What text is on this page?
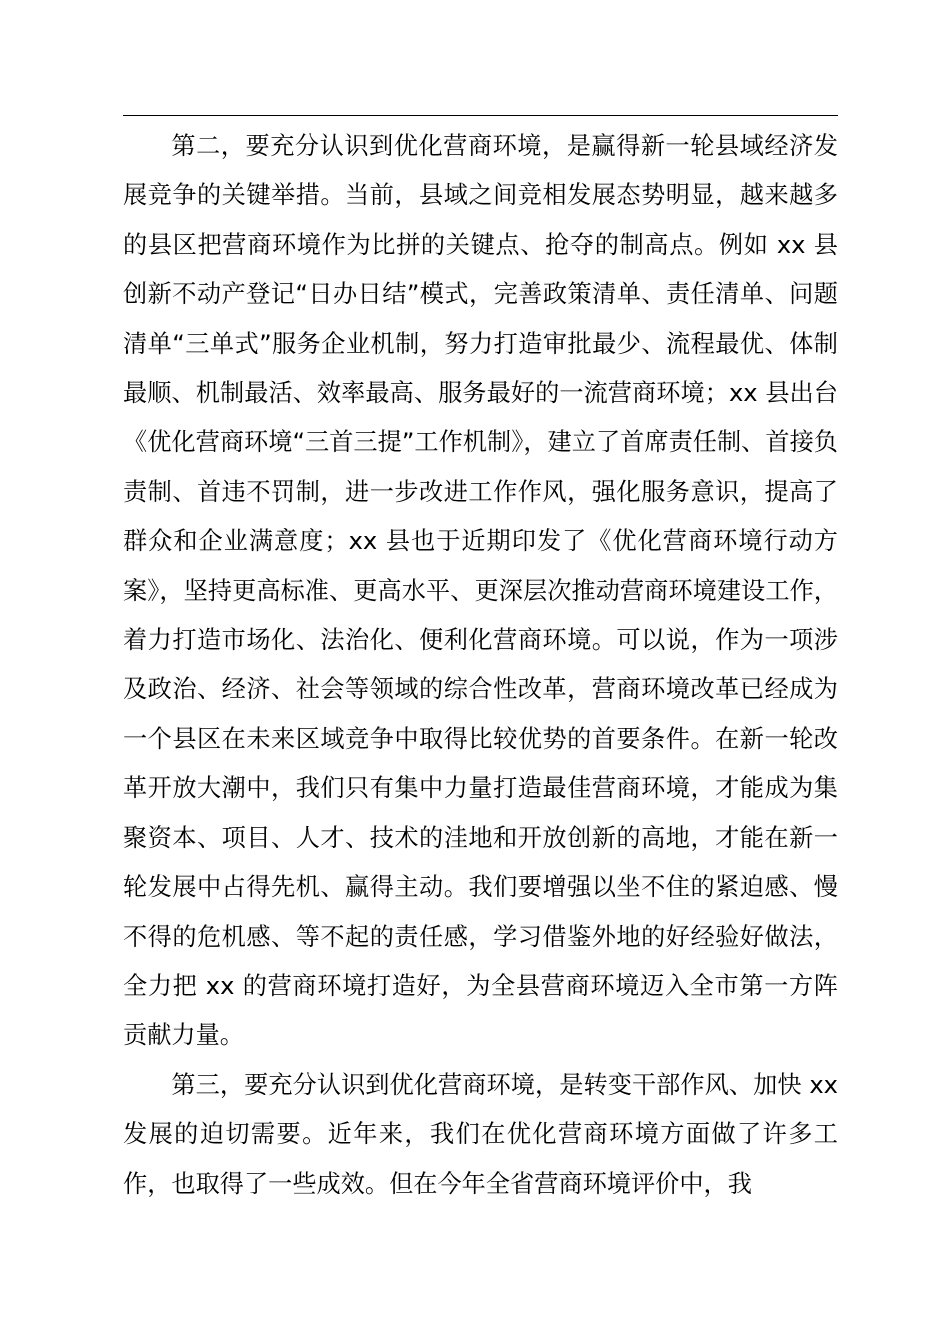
第二，要充分认识到优化营商环境，是赢得新一轮县域经济发展竞争的关键举措。当前，县域之间竞相发展态势明显，越来越多的县区把营商环境作为比拼的关键点、抢夺的制高点。例如 xx 县创新不动产登记“日办日结”模式，完善政策清单、责任清单、问题清单“三单式”服务企业机制，努力打造审批最少、流程最优、体制最顺、机制最活、效率最高、服务最好的一流营商环境；xx 县出台《优化营商环境“三首三提”工作机制》，建立了首席责任制、首接负责制、首违不罚制，进一步改进工作作风，强化服务意识，提高了群众和企业满意度；xx 县也于近期印发了《优化营商环境行动方案》，坚持更高标准、更高水平、更深层次推动营商环境建设工作，着力打造市场化、法治化、便利化营商环境。可以说，作为一项涉及政治、经济、社会等领域的综合性改革，营商环境改革已经成为一个县区在未来区域竞争中取得比较优势的首要条件。在新一轮改革开放大潮中，我们只有集中力量打造最佳营商环境，才能成为集聚资本、项目、人才、技术的洼地和开放创新的高地，才能在新一轮发展中占得先机、赢得主动。我们要增强以坐不住的紧迫感、慢不得的危机感、等不起的责任感，学习借鉴外地的好经验好做法，全力把 xx 的营商环境打造好，为全县营商环境迈入全市第一方阵贡献力量。

第三，要充分认识到优化营商环境，是转变干部作风、加快 xx 发展的迫切需要。近年来，我们在优化营商环境方面做了许多工作，也取得了一些成效。但在今年全省营商环境评价中，我
